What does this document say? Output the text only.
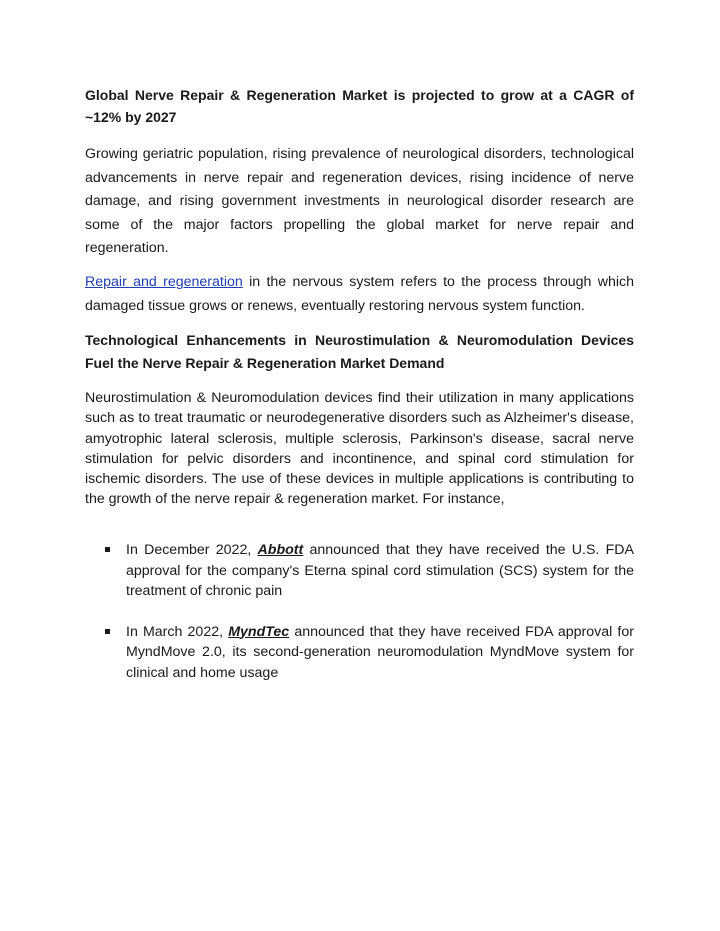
Global Nerve Repair & Regeneration Market is projected to grow at a CAGR of ~12% by 2027

Growing geriatric population, rising prevalence of neurological disorders, technological advancements in nerve repair and regeneration devices, rising incidence of nerve damage, and rising government investments in neurological disorder research are some of the major factors propelling the global market for nerve repair and regeneration.

Repair and regeneration in the nervous system refers to the process through which damaged tissue grows or renews, eventually restoring nervous system function.

Technological Enhancements in Neurostimulation & Neuromodulation Devices Fuel the Nerve Repair & Regeneration Market Demand

Neurostimulation & Neuromodulation devices find their utilization in many applications such as to treat traumatic or neurodegenerative disorders such as Alzheimer's disease, amyotrophic lateral sclerosis, multiple sclerosis, Parkinson's disease, sacral nerve stimulation for pelvic disorders and incontinence, and spinal cord stimulation for ischemic disorders. The use of these devices in multiple applications is contributing to the growth of the nerve repair & regeneration market. For instance,

In December 2022, Abbott announced that they have received the U.S. FDA approval for the company's Eterna spinal cord stimulation (SCS) system for the treatment of chronic pain
In March 2022, MyndTec announced that they have received FDA approval for MyndMove 2.0, its second-generation neuromodulation MyndMove system for clinical and home usage
